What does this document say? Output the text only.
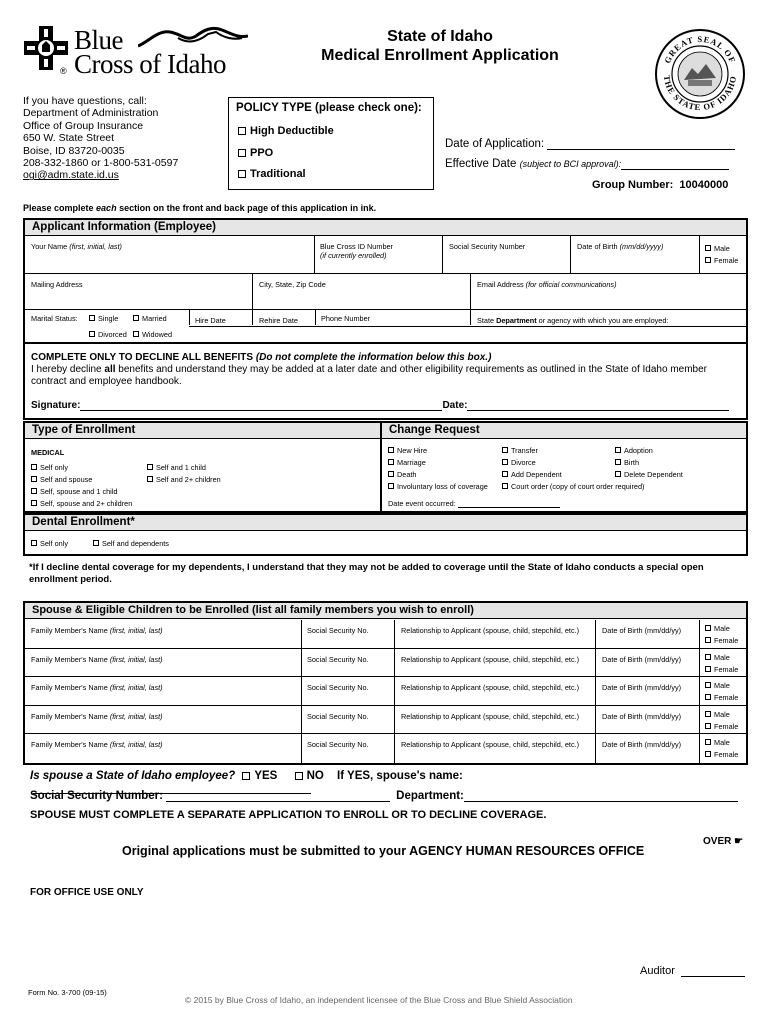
Blue
Cross of Idaho
®
State of Idaho
Medical Enrollment Application	GREAT SEAL OF
THE STATE OF IDAHO
If you have questions, call:
Department of Administration
Office of Group Insurance
650 W. State Street
Boise, ID 83720-0035
208-332-1860 or 1-800-531-0597
ogi@adm.state.id.us
POLICY TYPE (please check one):
High Deductible
PPO
Traditional
Date of Application:
Effective Date (subject to BCI approval):
Group Number: 10040000
Please complete each section on the front and back page of this application in ink.
Applicant Information (Employee)
Your Name (first, initial, last)	Blue Cross ID Number
(if currently enrolled)
Social Security Number	Date of Birth (mm/dd/yyyy)	Male
Female
Mailing Address	City, State, Zip Code	Email Address (for official communications)
Marital Status:	Single	Married
Divorced	Widowed
Hire Date	Rehire Date	Phone Number	State Department or agency with which you are employed:
COMPLETE ONLY TO DECLINE ALL BENEFITS (Do not complete the information below this box.)
I hereby decline all benefits and understand they may be added at a later date and other eligibility requirements as outlined in the State of Idaho member contract and employee handbook.
Signature:	Date:
Type of Enrollment
MEDICAL
Self only
Self and spouse
Self, spouse and 1 child
Self, spouse and 2+ children
Self and 1 child
Self and 2+ children
Change Request
New Hire
Marriage
Death
Involuntary loss of coverage
Transfer
Divorce
Add Dependent
Court order (copy of court order required)
Adoption
Birth
Delete Dependent
Date event occurred:
Dental Enrollment*
Self only	Self and dependents
*If I decline dental coverage for my dependents, I understand that they may not be added to coverage until the State of Idaho conducts a special open enrollment period.
Spouse & Eligible Children to be Enrolled (list all family members you wish to enroll)
Family Member's Name (first, initial, last)	Social Security No.	Relationship to Applicant (spouse, child, stepchild, etc.)	Date of Birth (mm/dd/yy)	Male
Female
Family Member's Name (first, initial, last)	Social Security No.	Relationship to Applicant (spouse, child, stepchild, etc.)	Date of Birth (mm/dd/yy)	Male
Female
Family Member's Name (first, initial, last)	Social Security No.	Relationship to Applicant (spouse, child, stepchild, etc.)	Date of Birth (mm/dd/yy)	Male
Female
Family Member's Name (first, initial, last)	Social Security No.	Relationship to Applicant (spouse, child, stepchild, etc.)	Date of Birth (mm/dd/yy)	Male
Female
Family Member's Name (first, initial, last)	Social Security No.	Relationship to Applicant (spouse, child, stepchild, etc.)	Date of Birth (mm/dd/yy)	Male
Female
Is spouse a State of Idaho employee? YES	NO If YES, spouse's name:
Social Security Number:	Department:
SPOUSE MUST COMPLETE A SEPARATE APPLICATION TO ENROLL OR TO DECLINE COVERAGE.
OVER ☛
Original applications must be submitted to your AGENCY HUMAN RESOURCES OFFICE
FOR OFFICE USE ONLY
Auditor
Form No. 3-700 (09-15)
© 2015 by Blue Cross of Idaho, an independent licensee of the Blue Cross and Blue Shield Association
